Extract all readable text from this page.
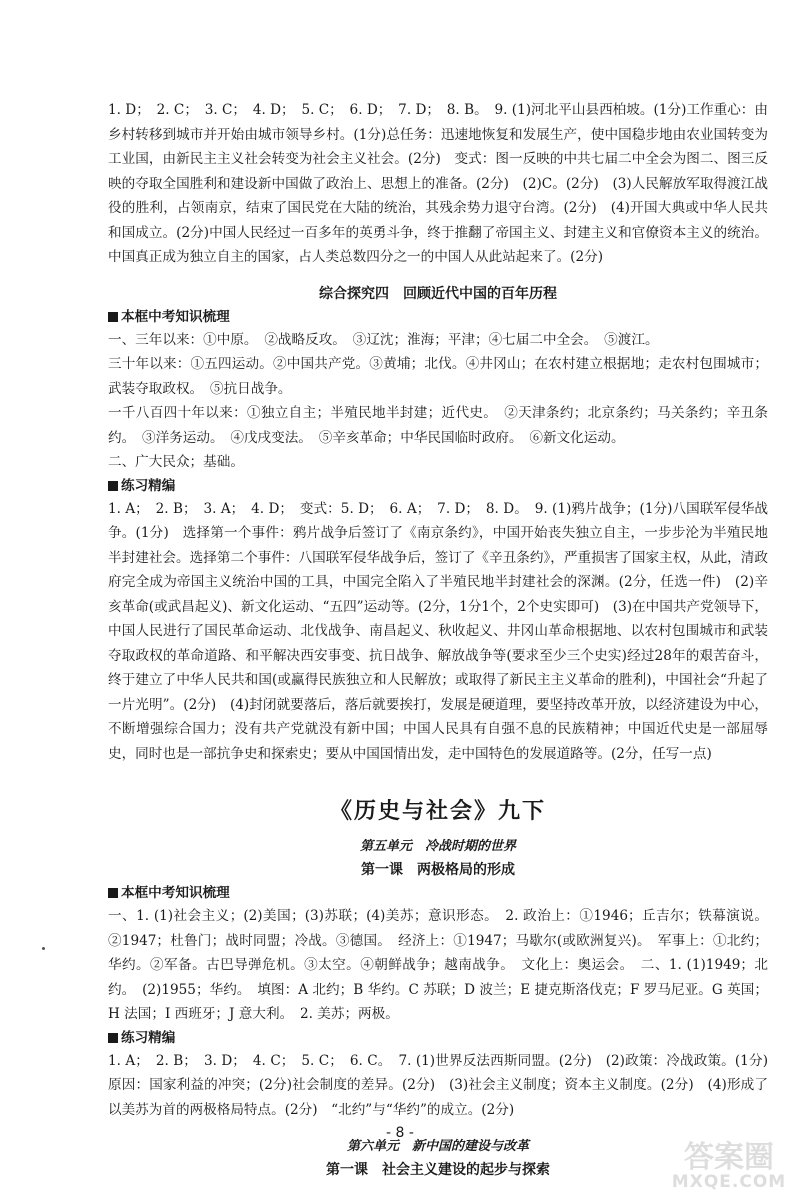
1. D；　2. C；　3. C；　4. D；　5. C；　6. D；　7. D；　8. B。　9. (1)河北平山县西柏坡。(1分)工作重心：由乡村转移到城市并开始由城市领导乡村。(1分)总任务：迅速地恢复和发展生产，使中国稳步地由农业国转变为工业国，由新民主主义社会转变为社会主义社会。(2分)　变式：图一反映的中共七届二中全会为图二、图三反映的夺取全国胜利和建设新中国做了政治上、思想上的准备。(2分)　(2)C。(2分)　(3)人民解放军取得渡江战役的胜利，占领南京，结束了国民党在大陆的统治，其残余势力退守台湾。(2分)　(4)开国大典或中华人民共和国成立。(2分)中国人民经过一百多年的英勇斗争，终于推翻了帝国主义、封建主义和官僚资本主义的统治。中国真正成为独立自主的国家，占人类总数四分之一的中国人从此站起来了。(2分)

综合探究四　回顾近代中国的百年历程
本框中考知识梳理

一、三年以来：①中原。　②战略反攻。　③辽沈；淮海；平津；④七届二中全会。　⑤渡江。

三十年以来：①五四运动。②中国共产党。③黄埔；北伐。④井冈山；在农村建立根据地；走农村包围城市；武装夺取政权。　⑤抗日战争。

一千八百四十年以来：①独立自主；半殖民地半封建；近代史。　②天津条约；北京条约；马关条约；辛丑条约。　③洋务运动。　④戊戌变法。　⑤辛亥革命；中华民国临时政府。　⑥新文化运动。

二、广大民众；基础。

练习精编

1. A；　2. B；　3. A；　4. D；　变式：5. D；　6. A；　7. D；　8. D。　9. (1)鸦片战争；(1分)八国联军侵华战争。(1分)　选择第一个事件：鸦片战争后签订了《南京条约》，中国开始丧失独立自主，一步步沦为半殖民地半封建社会。选择第二个事件：八国联军侵华战争后，签订了《辛丑条约》，严重损害了国家主权，从此，清政府完全成为帝国主义统治中国的工具，中国完全陷入了半殖民地半封建社会的深渊。(2分，任选一件)　(2)辛亥革命(或武昌起义)、新文化运动、“五四”运动等。(2分，1分1个，2个史实即可)　(3)在中国共产党领导下，中国人民进行了国民革命运动、北伐战争、南昌起义、秋收起义、井冈山革命根据地、以农村包围城市和武装夺取政权的革命道路、和平解决西安事变、抗日战争、解放战争等(要求至少三个史实)经过28年的艰苦奋斗，终于建立了中华人民共和国(或赢得民族独立和人民解放；或取得了新民主主义革命的胜利)，中国社会“升起了一片光明”。(2分)　(4)封闭就要落后，落后就要挨打，发展是硬道理，要坚持改革开放，以经济建设为中心，不断增强综合国力；没有共产党就没有新中国；中国人民具有自强不息的民族精神；中国近代史是一部屈辱史，同时也是一部抗争史和探索史；要从中国国情出发，走中国特色的发展道路等。(2分，任写一点)

《历史与社会》九下
第五单元　冷战时期的世界
第一课　两极格局的形成
本框中考知识梳理

一、1. (1)社会主义；(2)美国；(3)苏联；(4)美苏；意识形态。　2. 政治上：①1946；丘吉尔；铁幕演说。②1947；杜鲁门；战时同盟；冷战。③德国。　经济上：①1947；马歇尔(或欧洲复兴)。　军事上：①北约；华约。②军备。古巴导弹危机。③太空。④朝鲜战争；越南战争。　文化上：奥运会。　二、1. (1)1949；北约。　(2)1955；华约。　填图：A 北约；B 华约。C 苏联；D 波兰；E 捷克斯洛伐克；F 罗马尼亚。G 英国；H 法国；I 西班牙；J 意大利。　2. 美苏；两极。

练习精编

1. A；　2. B；　3. D；　4. C；　5. C；　6. C。　7. (1)世界反法西斯同盟。(2分)　(2)政策：冷战政策。(1分)原因：国家利益的冲突；(2分)社会制度的差异。(2分)　(3)社会主义制度；资本主义制度。(2分)　(4)形成了以美苏为首的两极格局特点。(2分)　“北约”与“华约”的成立。(2分)

第六单元　新中国的建设与改革
第一课　社会主义建设的起步与探索
- 8 -
答案圈
MXQE.COM
